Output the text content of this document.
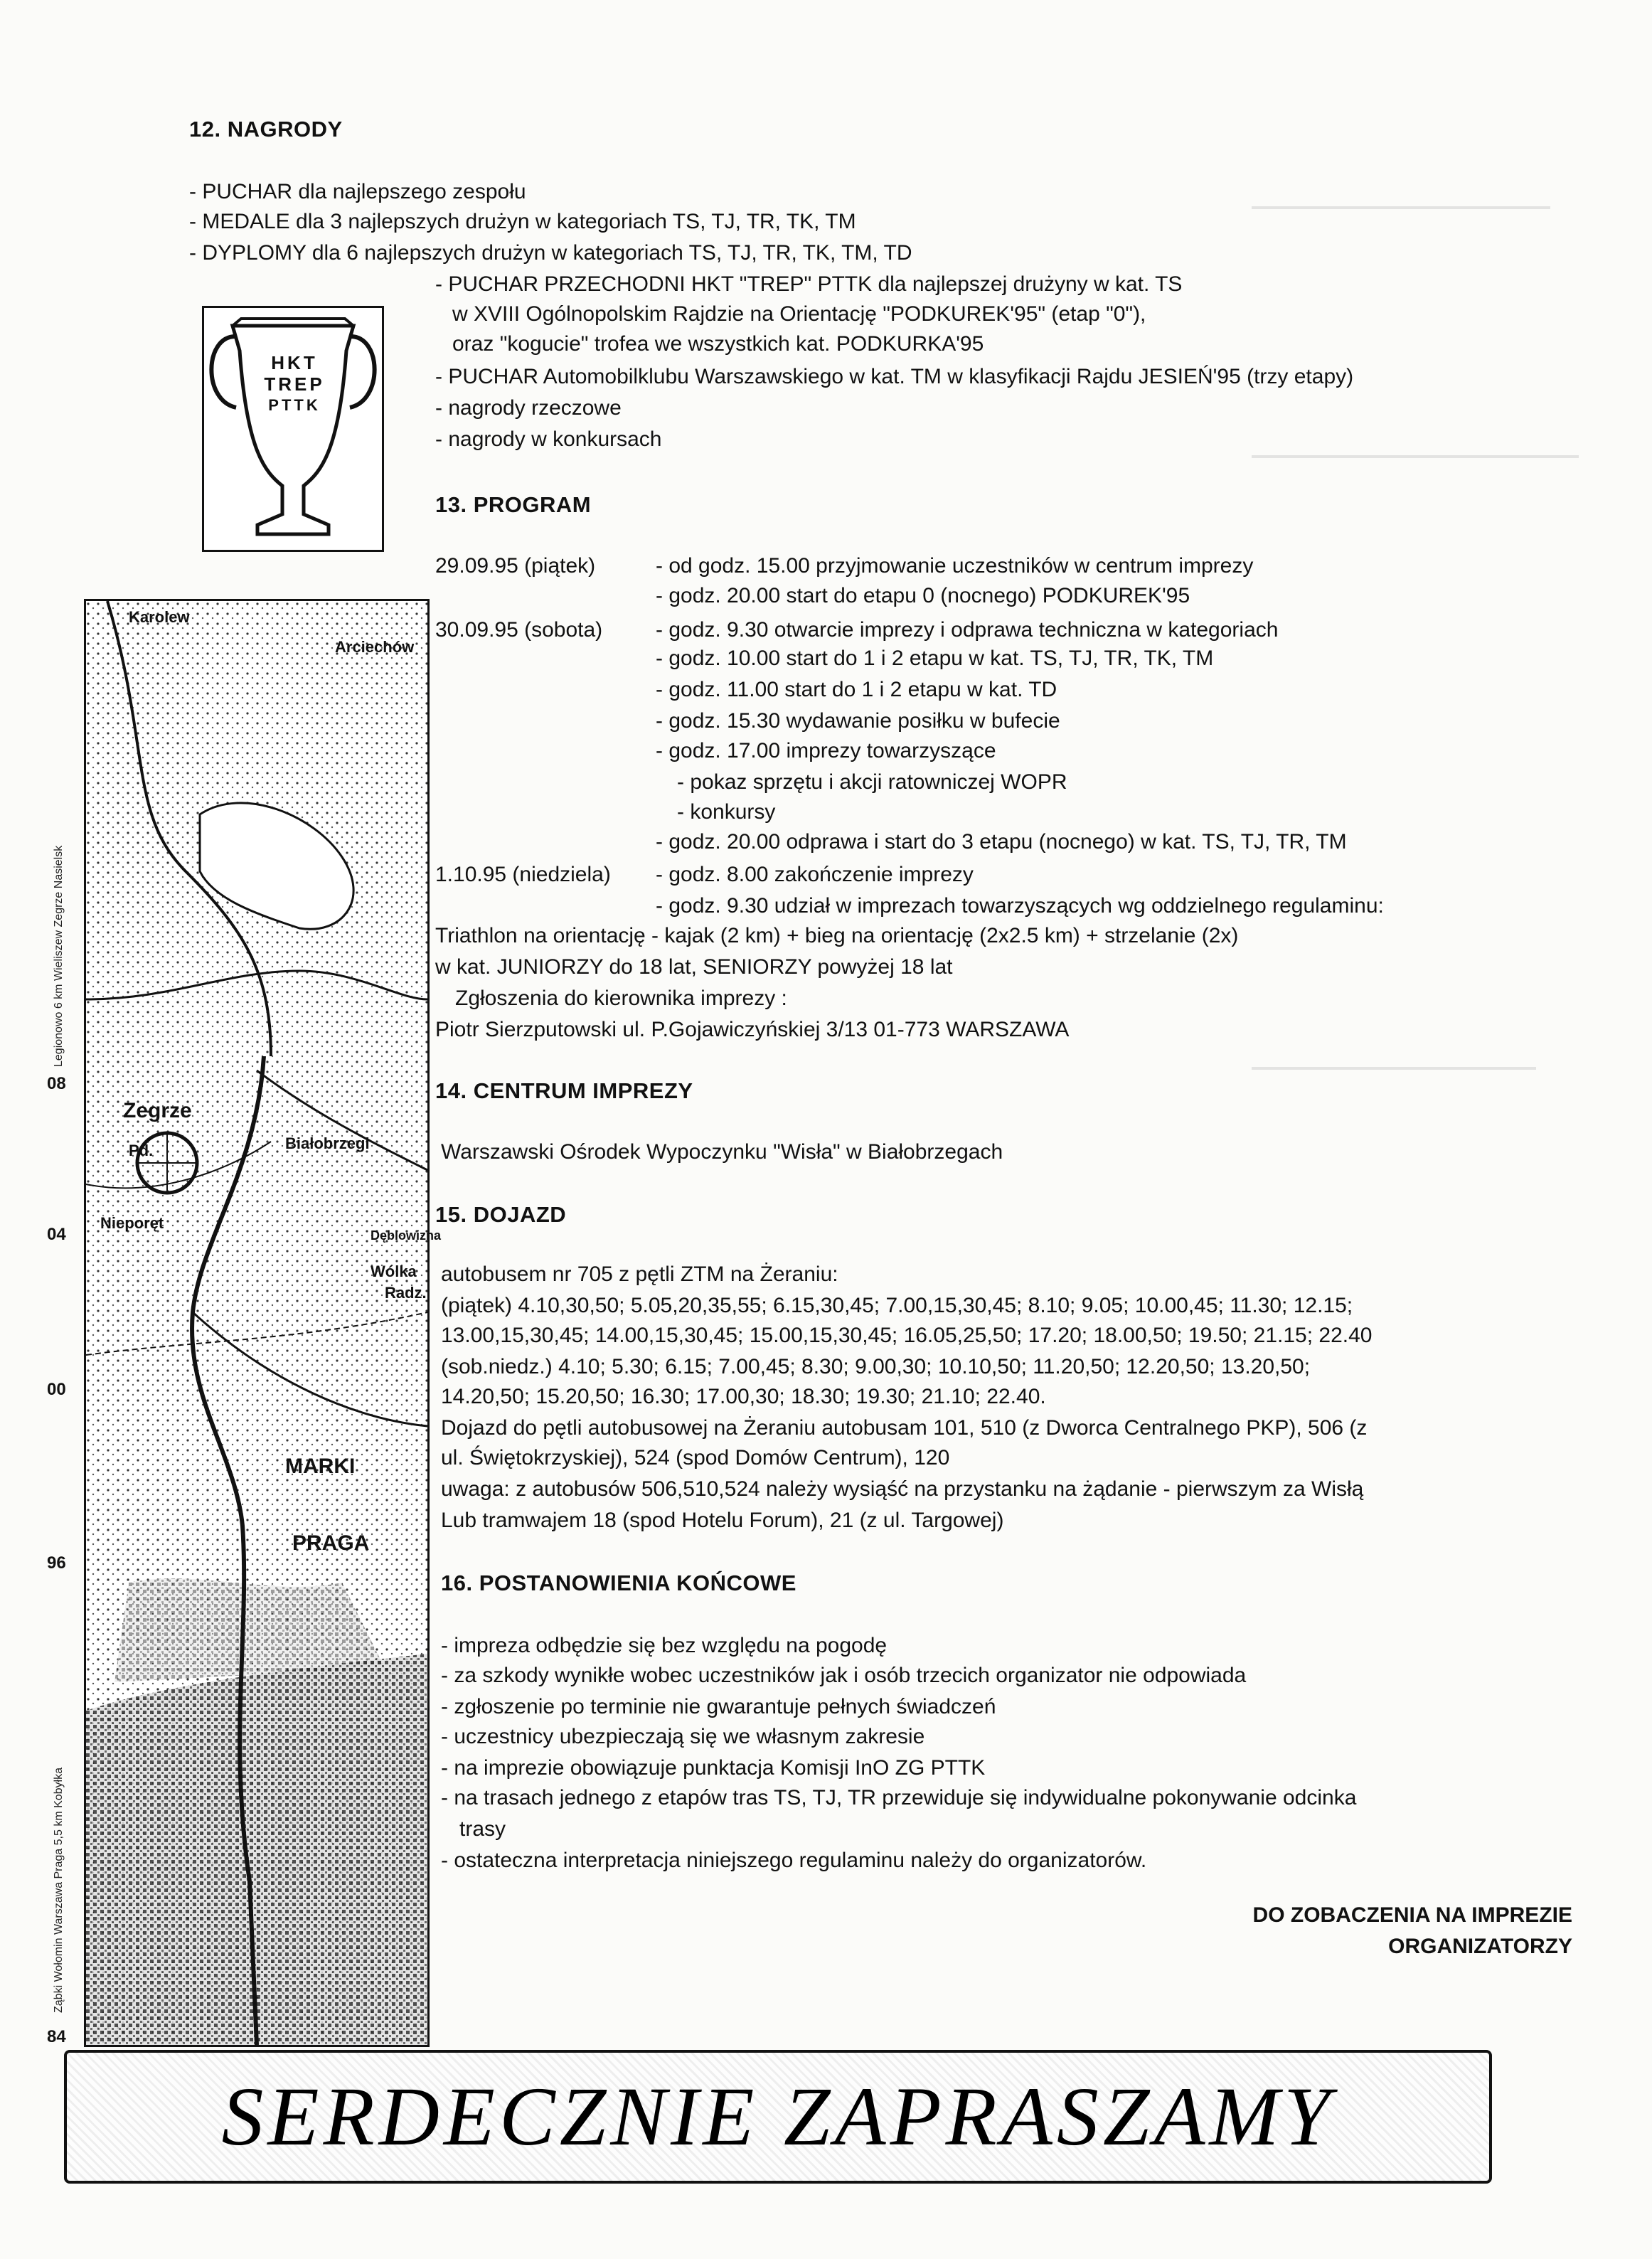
12. NAGRODY
- PUCHAR dla najlepszego zespołu
- MEDALE dla 3 najlepszych drużyn w kategoriach TS, TJ, TR, TK, TM
- DYPLOMY dla 6 najlepszych drużyn w kategoriach TS, TJ, TR, TK, TM, TD
- PUCHAR PRZECHODNI HKT "TREP" PTTK dla najlepszej drużyny w kat. TS
w XVIII Ogólnopolskim Rajdzie na Orientację "PODKUREK'95" (etap "0"),
oraz "kogucie" trofea we wszystkich kat. PODKURKA'95
- PUCHAR Automobilklubu Warszawskiego w kat. TM w klasyfikacji Rajdu JESIEŃ'95 (trzy etapy)
- nagrody rzeczowe
- nagrody w konkursach
HKT
TREP
PTTK
13. PROGRAM
29.09.95 (piątek)	- od godz. 15.00 przyjmowanie uczestników w centrum imprezy
- godz. 20.00 start do etapu 0 (nocnego) PODKUREK'95
30.09.95 (sobota) - godz. 9.30 otwarcie imprezy i odprawa techniczna w kategoriach
- godz. 10.00 start do 1 i 2 etapu w kat. TS, TJ, TR, TK, TM
- godz. 11.00 start do 1 i 2 etapu w kat. TD
- godz. 15.30 wydawanie posiłku w bufecie
- godz. 17.00 imprezy towarzyszące
- pokaz sprzętu i akcji ratowniczej WOPR
- konkursy
- godz. 20.00 odprawa i start do 3 etapu (nocnego) w kat. TS, TJ, TR, TM
1.10.95 (niedziela) - godz. 8.00 zakończenie imprezy
- godz. 9.30 udział w imprezach towarzyszących wg oddzielnego regulaminu:
Triathlon na orientację - kajak (2 km) + bieg na orientację (2x2.5 km) + strzelanie (2x)
w kat. JUNIORZY do 18 lat, SENIORZY powyżej 18 lat
Zgłoszenia do kierownika imprezy :
Piotr Sierzputowski ul. P.Gojawiczyńskiej 3/13 01-773 WARSZAWA
14. CENTRUM IMPREZY
Warszawski Ośrodek Wypoczynku "Wisła" w Białobrzegach
15. DOJAZD
autobusem nr 705 z pętli ZTM na Żeraniu:
(piątek) 4.10,30,50; 5.05,20,35,55; 6.15,30,45; 7.00,15,30,45; 8.10; 9.05; 10.00,45; 11.30; 12.15;
13.00,15,30,45; 14.00,15,30,45; 15.00,15,30,45; 16.05,25,50; 17.20; 18.00,50; 19.50; 21.15; 22.40
(sob.niedz.) 4.10; 5.30; 6.15; 7.00,45; 8.30; 9.00,30; 10.10,50; 11.20,50; 12.20,50; 13.20,50;
14.20,50; 15.20,50; 16.30; 17.00,30; 18.30; 19.30; 21.10; 22.40.
Dojazd do pętli autobusowej na Żeraniu autobusam 101, 510 (z Dworca Centralnego PKP), 506 (z
ul. Świętokrzyskiej), 524 (spod Domów Centrum), 120
uwaga: z autobusów 506,510,524 należy wysiąść na przystanku na żądanie - pierwszym za Wisłą
Lub tramwajem 18 (spod Hotelu Forum), 21 (z ul. Targowej)
16. POSTANOWIENIA KOŃCOWE
- impreza odbędzie się bez względu na pogodę
- za szkody wynikłe wobec uczestników jak i osób trzecich organizator nie odpowiada
- zgłoszenie po terminie nie gwarantuje pełnych świadczeń
- uczestnicy ubezpieczają się we własnym zakresie
- na imprezie obowiązuje punktacja Komisji InO ZG PTTK
- na trasach jednego z etapów tras TS, TJ, TR przewiduje się indywidualne pokonywanie odcinka
trasy
- ostateczna interpretacja niniejszego regulaminu należy do organizatorów.
DO ZOBACZENIA NA IMPREZIE
ORGANIZATORZY
Karolew
Arciechów
Zegrze
Pd.	Białobrzegi
Nieporęt
Dęblowizna
Wólka
Radz.
MARKI
PRAGA
08
04
00
96
84
Legionowo 6 km Wieliszew Zegrze Nasielsk
Ząbki Wołomin Warszawa Praga 5,5 km Kobyłka
SERDECZNIE ZAPRASZAMY
